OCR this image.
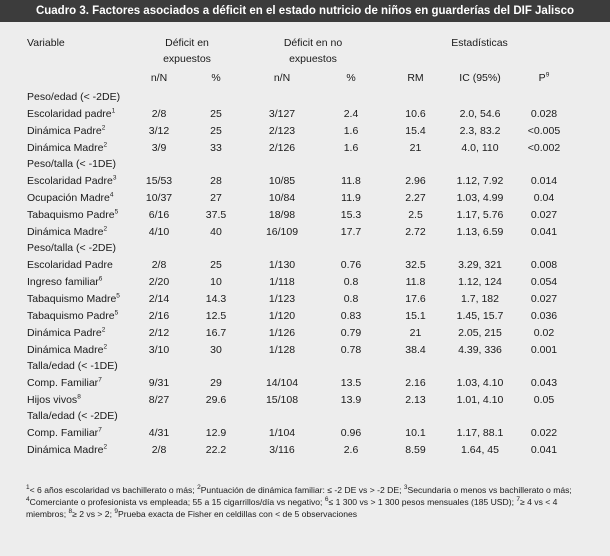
Cuadro 3. Factores asociados a déficit en el estado nutricio de niños en guarderías del DIF Jalisco
Variable	Déficit en		Déficit en no		Estadísticas			
	expuestos		expuestos					
	n/N	%	n/N	%	RM	IC (95%)	$P^9$	
Peso/edad (< -2DE)								
Escolaridad padre$^1$	2/8	25	3/127	2.4	10.6	2.0, 54.6	0.028	
Dinámica Padre$^2$	3/12	25	2/123	1.6	15.4	2.3, 83.2	<0.005	
Dinámica Madre$^2$	3/9	33	2/126	1.6	21	4.0, 110	<0.002	
Peso/talla (< -1DE)								
Escolaridad Padre$^3$	15/53	28	10/85	11.8	2.96	1.12, 7.92	0.014	
Ocupación Madre$^4$	10/37	27	10/84	11.9	2.27	1.03, 4.99	0.04	
Tabaquismo Padre$^5$	6/16	37.5	18/98	15.3	2.5	1.17, 5.76	0.027	
Dinámica Madre$^2$	4/10	40	16/109	17.7	2.72	1.13, 6.59	0.041	
Peso/talla (< -2DE)								
Escolaridad Padre	2/8	25	1/130	0.76	32.5	3.29, 321	0.008	
Ingreso familiar$^6$	2/20	10	1/118	0.8	11.8	1.12, 124	0.054	
Tabaquismo Madre$^5$	2/14	14.3	1/123	0.8	17.6	1.7, 182	0.027	
Tabaquismo Padre$^5$	2/16	12.5	1/120	0.83	15.1	1.45, 15.7	0.036	
Dinámica Padre$^2$	2/12	16.7	1/126	0.79	21	2.05, 215	0.02	
Dinámica Madre$^2$	3/10	30	1/128	0.78	38.4	4.39, 336	0.001	
Talla/edad (< -1DE)								
Comp. Familiar$^7$	9/31	29	14/104	13.5	2.16	1.03, 4.10	0.043	
Hijos vivos$^8$	8/27	29.6	15/108	13.9	2.13	1.01, 4.10	0.05	
Talla/edad (< -2DE)								
Comp. Familiar$^7$	4/31	12.9	1/104	0.96	10.1	1.17, 88.1	0.022	
Dinámica Madre$^2$	2/8	22.2	3/116	2.6	8.59	1.64, 45	0.041	
$^1$< 6 años escolaridad vs bachillerato o más; $^2$Puntuación de dinámica familiar: ≤ -2 DE vs > -2 DE; $^3$Secundaria o menos vs bachillerato o más; $^4$Comerciante o profesionista vs empleada; 55 a 15 cigarrillos/día vs negativo; $^6$≤ 1 300 vs > 1 300 pesos mensuales (185 USD); $^7$≥ 4 vs < 4 miembros; $^8$≥ 2 vs > 2; $^9$Prueba exacta de Fisher en celdillas con < de 5 observaciones
